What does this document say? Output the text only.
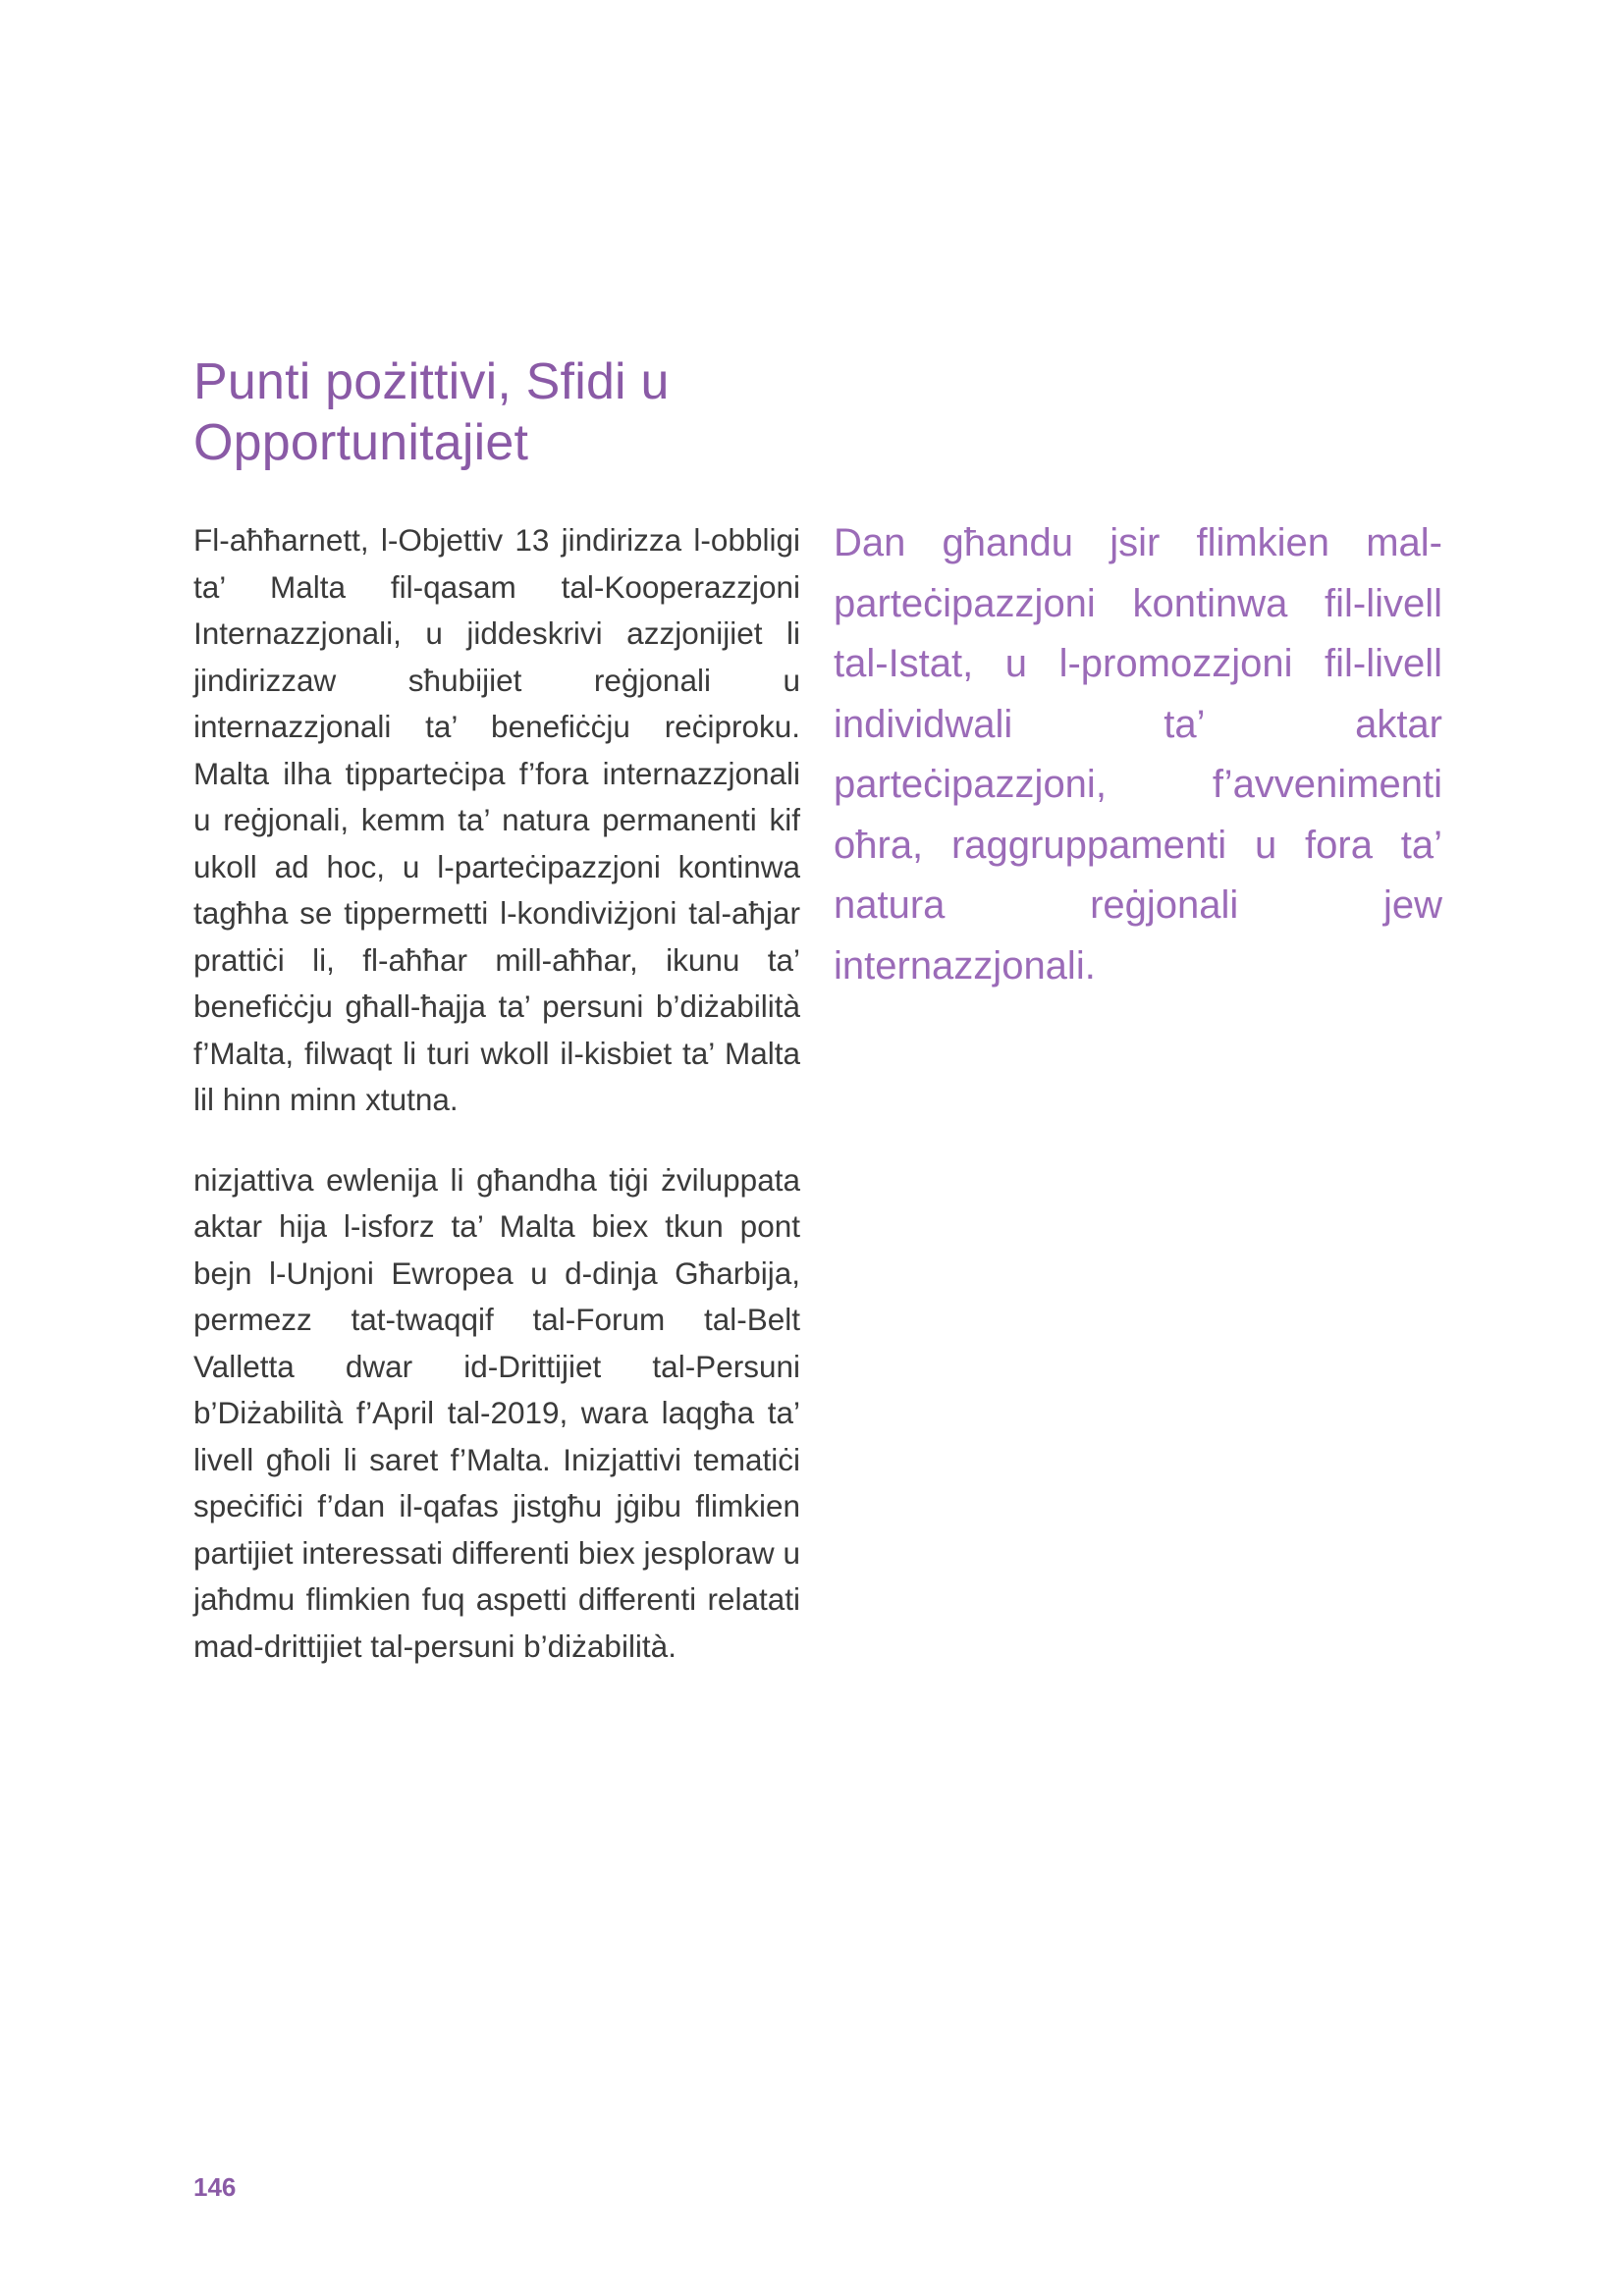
Punti pożittivi, Sfidi u Opportunitajiet

Fl-aħħarnett, l-Objettiv 13 jindirizza l-obbligi ta’ Malta fil-qasam tal-Kooperazzjoni Internazzjonali, u jiddeskrivi azzjonijiet li jindirizzaw sħubijiet reġjonali u internazzjonali ta’ benefiċċju reċiproku. Malta ilha tipparteċipa f’fora internazzjonali u reġjonali, kemm ta’ natura permanenti kif ukoll ad hoc, u l-parteċipazzjoni kontinwa tagħha se tippermetti l-kondiviżjoni tal-aħjar prattiċi li, fl-aħħar mill-aħħar, ikunu ta’ benefiċċju għall-ħajja ta’ persuni b’diżabilità f’Malta, filwaqt li turi wkoll il-kisbiet ta’ Malta lil hinn minn xtutna.

nizjattiva ewlenija li għandha tiġi żviluppata aktar hija l-isforz ta’ Malta biex tkun pont bejn l-Unjoni Ewropea u d-dinja Għarbija, permezz tat-twaqqif tal-Forum tal-Belt Valletta dwar id-Drittijiet tal-Persuni b’Diżabilità f’April tal-2019, wara laqgħa ta’ livell għoli li saret f’Malta. Inizjattivi tematiċi speċifiċi f’dan il-qafas jistgħu jġibu flimkien partijiet interessati differenti biex jesploraw u jaħdmu flimkien fuq aspetti differenti relatati mad-drittijiet tal-persuni b’diżabilità.

Dan għandu jsir flimkien mal-parteċipazzjoni kontinwa fil-livell tal-Istat, u l-promozzjoni fil-livell individwali ta’ aktar parteċipazzjoni, f’avvenimenti oħra, raggruppamenti u fora ta’ natura reġjonali jew internazzjonali.

146
